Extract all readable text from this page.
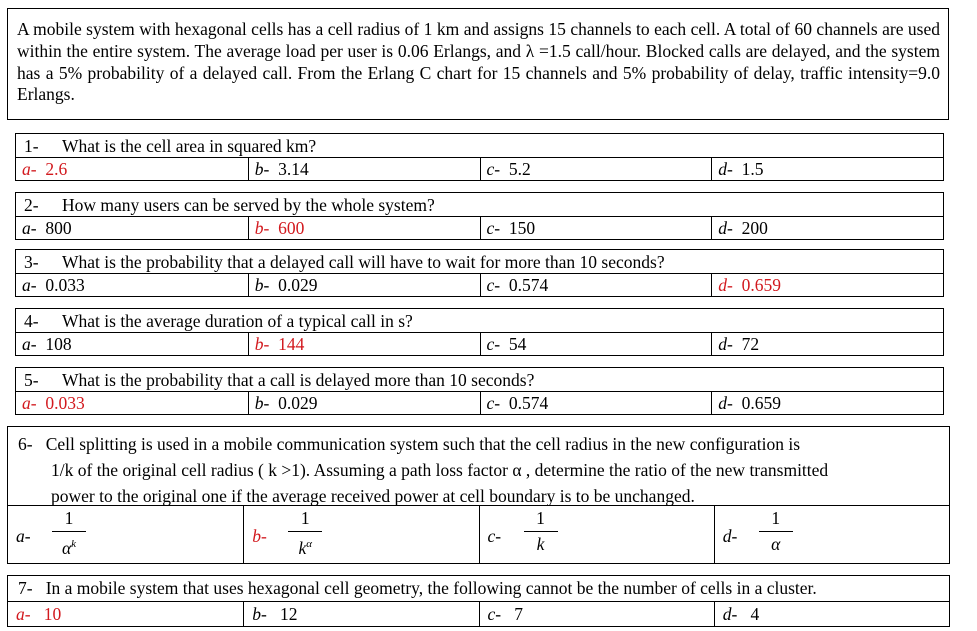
A mobile system with hexagonal cells has a cell radius of 1 km and assigns 15 channels to each cell. A total of 60 channels are used within the entire system. The average load per user is 0.06 Erlangs, and λ =1.5 call/hour. Blocked calls are delayed, and the system has a 5% probability of a delayed call. From the Erlang C chart for 15 channels and 5% probability of delay, traffic intensity=9.0 Erlangs.
1- What is the cell area in squared km?
a- 2.6	b- 3.14	c- 5.2	d- 1.5
2- How many users can be served by the whole system?
a- 800	b- 600	c- 150	d- 200
3- What is the probability that a delayed call will have to wait for more than 10 seconds?
a- 0.033	b- 0.029	c- 0.574	d- 0.659
4- What is the average duration of a typical call in s?
a- 108	b- 144	c- 54	d- 72
5- What is the probability that a call is delayed more than 10 seconds?
a- 0.033	b- 0.029	c- 0.574	d- 0.659
6- Cell splitting is used in a mobile communication system such that the cell radius in the new configuration is
1/k of the original cell radius ( k >1). Assuming a path loss factor α , determine the ratio of the new transmitted
power to the original one if the average received power at cell boundary is to be unchanged.
a-
1
$\alpha^k$	b-
1
$k^\alpha$	c-
1
k	d-
1
α
7- In a mobile system that uses hexagonal cell geometry, the following cannot be the number of cells in a cluster.
a- 10	b- 12	c- 7	d- 4
